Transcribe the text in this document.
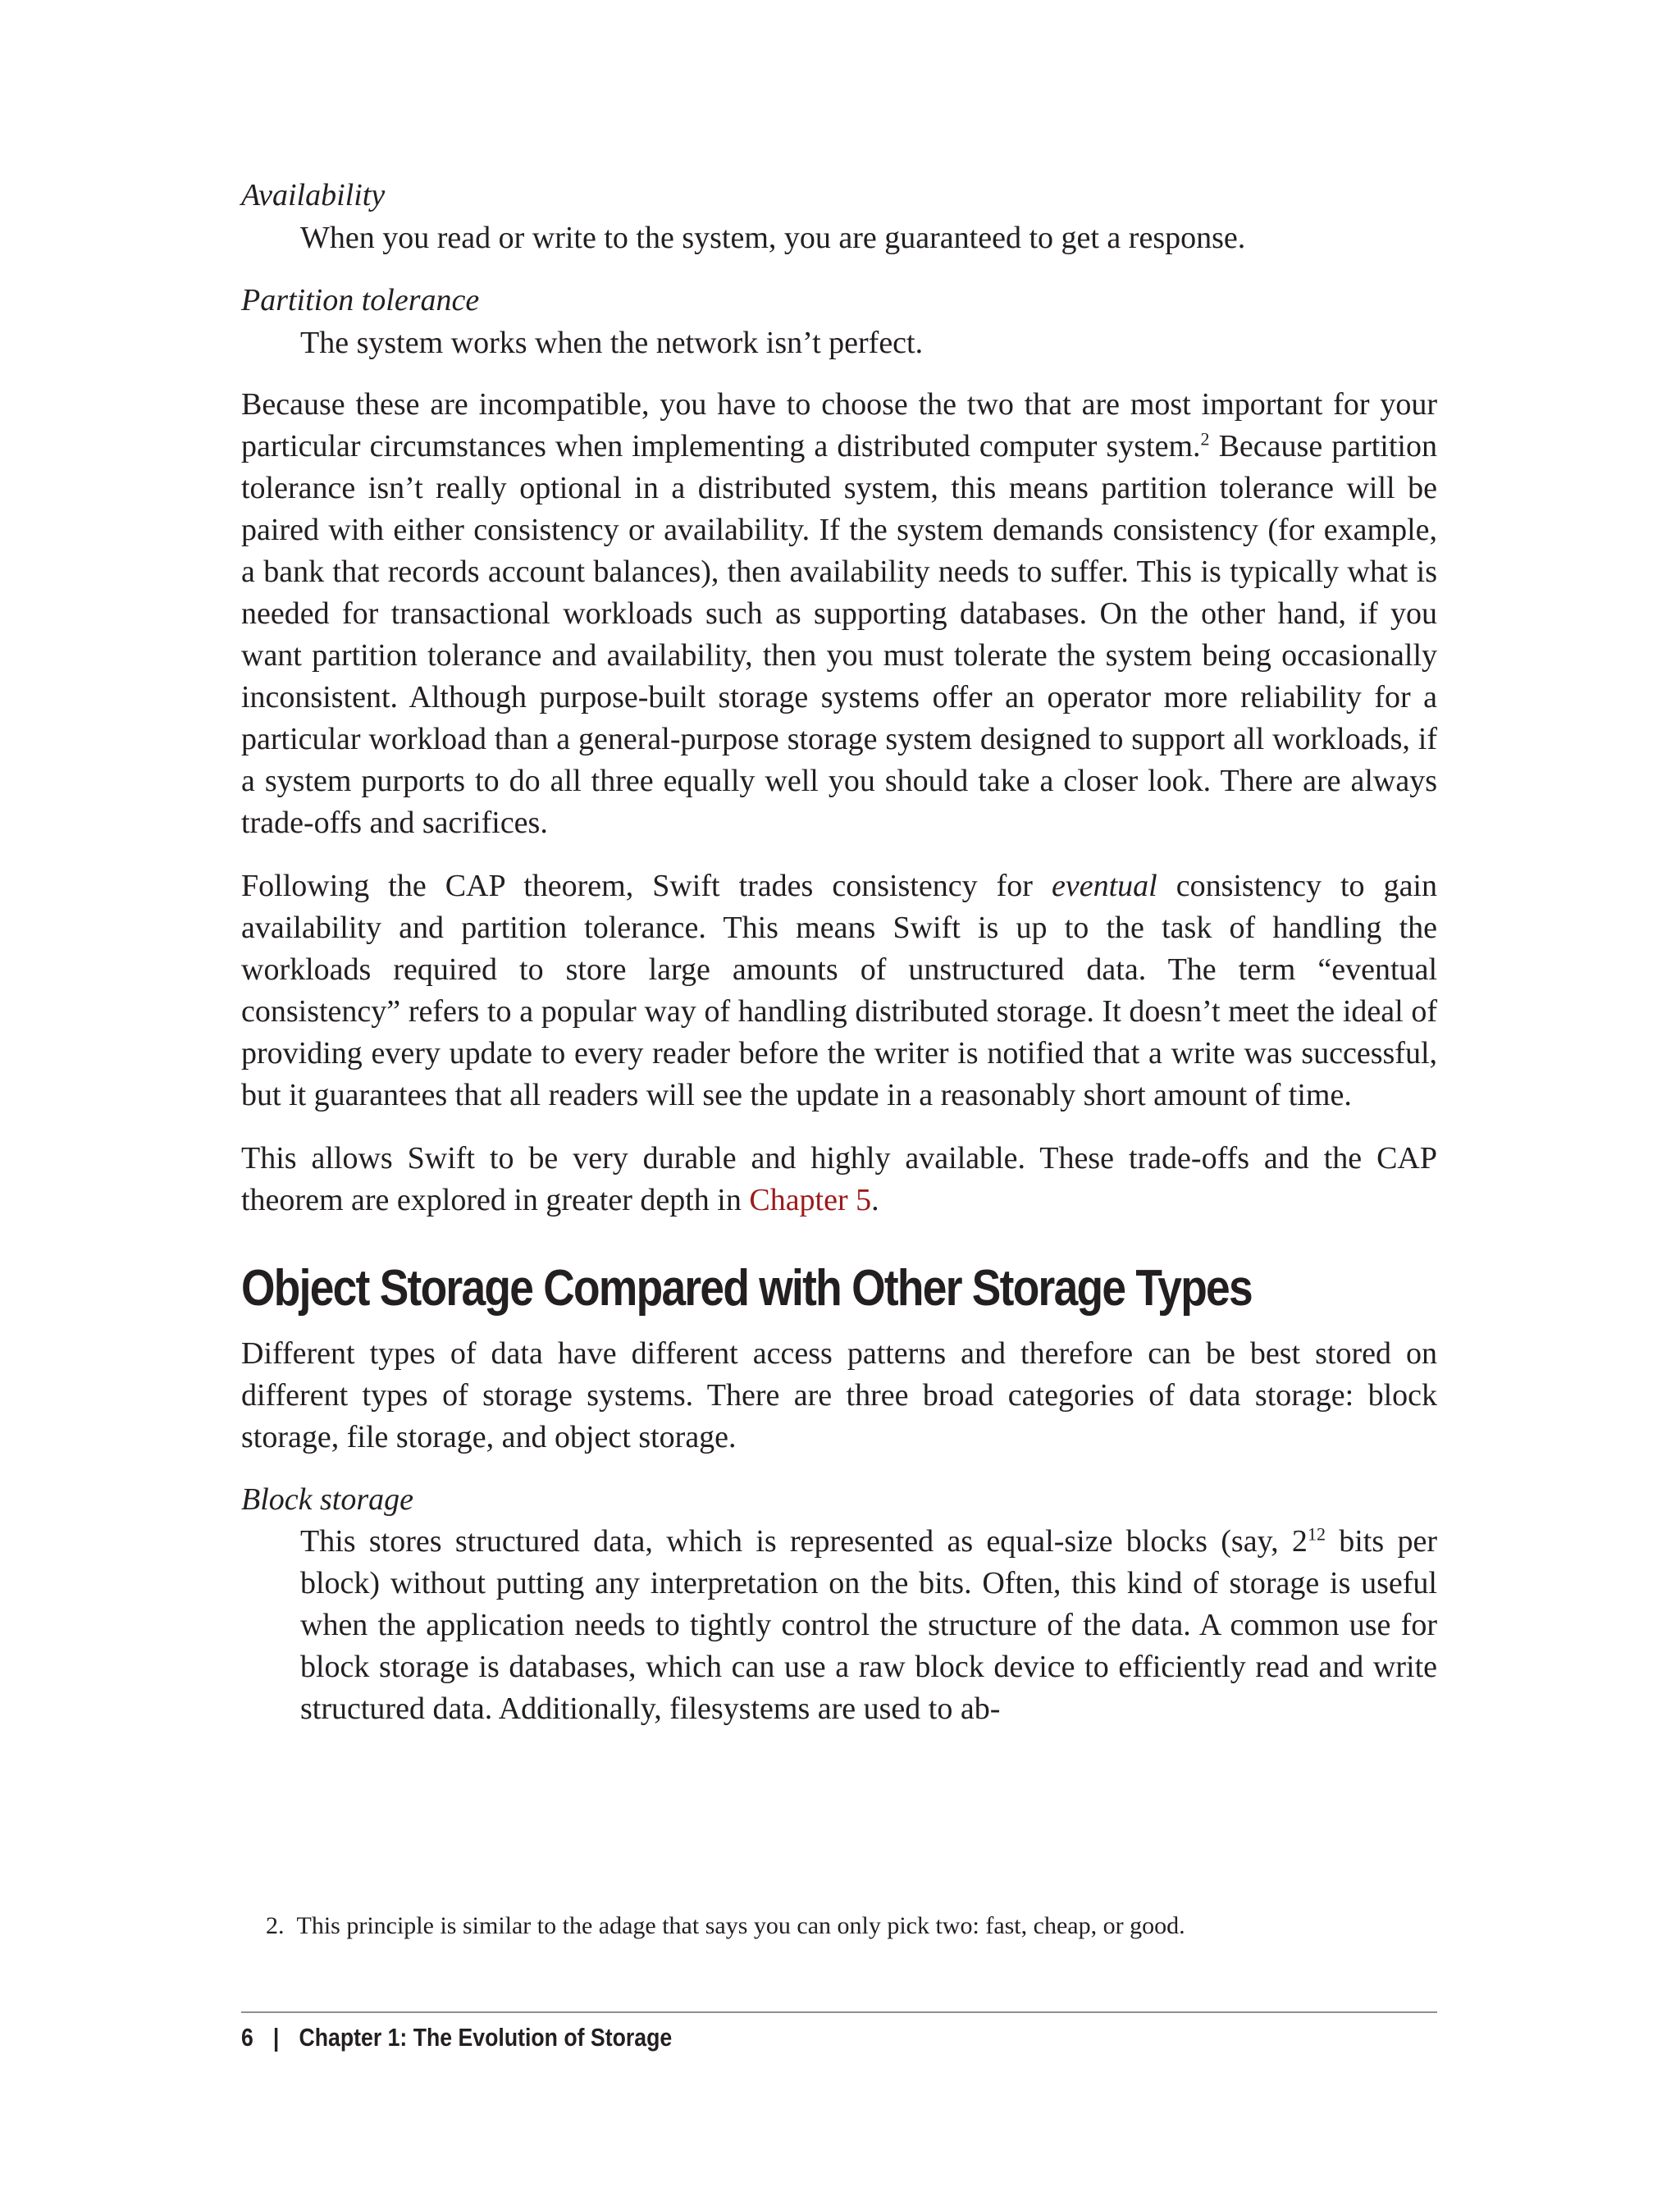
Availability

When you read or write to the system, you are guaranteed to get a response.

Partition tolerance

The system works when the network isn’t perfect.

Because these are incompatible, you have to choose the two that are most important for your particular circumstances when implementing a distributed computer system.$^2$ Because partition tolerance isn’t really optional in a distributed system, this means partition tolerance will be paired with either consistency or availability. If the system demands consistency (for example, a bank that records account balances), then availability needs to suffer. This is typically what is needed for transactional workloads such as supporting databases. On the other hand, if you want partition tolerance and availability, then you must tolerate the system being occasionally inconsistent. Although purpose-built storage systems offer an operator more reliability for a particular workload than a general-purpose storage system designed to support all workloads, if a system purports to do all three equally well you should take a closer look. There are always trade-offs and sacrifices.

Following the CAP theorem, Swift trades consistency for eventual consistency to gain availability and partition tolerance. This means Swift is up to the task of handling the workloads required to store large amounts of unstructured data. The term “eventual consistency” refers to a popular way of handling distributed storage. It doesn’t meet the ideal of providing every update to every reader before the writer is notified that a write was successful, but it guarantees that all readers will see the update in a reasonably short amount of time.

This allows Swift to be very durable and highly available. These trade-offs and the CAP theorem are explored in greater depth in Chapter 5.

Object Storage Compared with Other Storage Types

Different types of data have different access patterns and therefore can be best stored on different types of storage systems. There are three broad categories of data storage: block storage, file storage, and object storage.

Block storage

This stores structured data, which is represented as equal-size blocks (say, $2^{12}$ bits per block) without putting any interpretation on the bits. Often, this kind of storage is useful when the application needs to tightly control the structure of the data. A common use for block storage is databases, which can use a raw block device to efficiently read and write structured data. Additionally, filesystems are used to ab-

2. This principle is similar to the adage that says you can only pick two: fast, cheap, or good.

6 | Chapter 1: The Evolution of Storage
